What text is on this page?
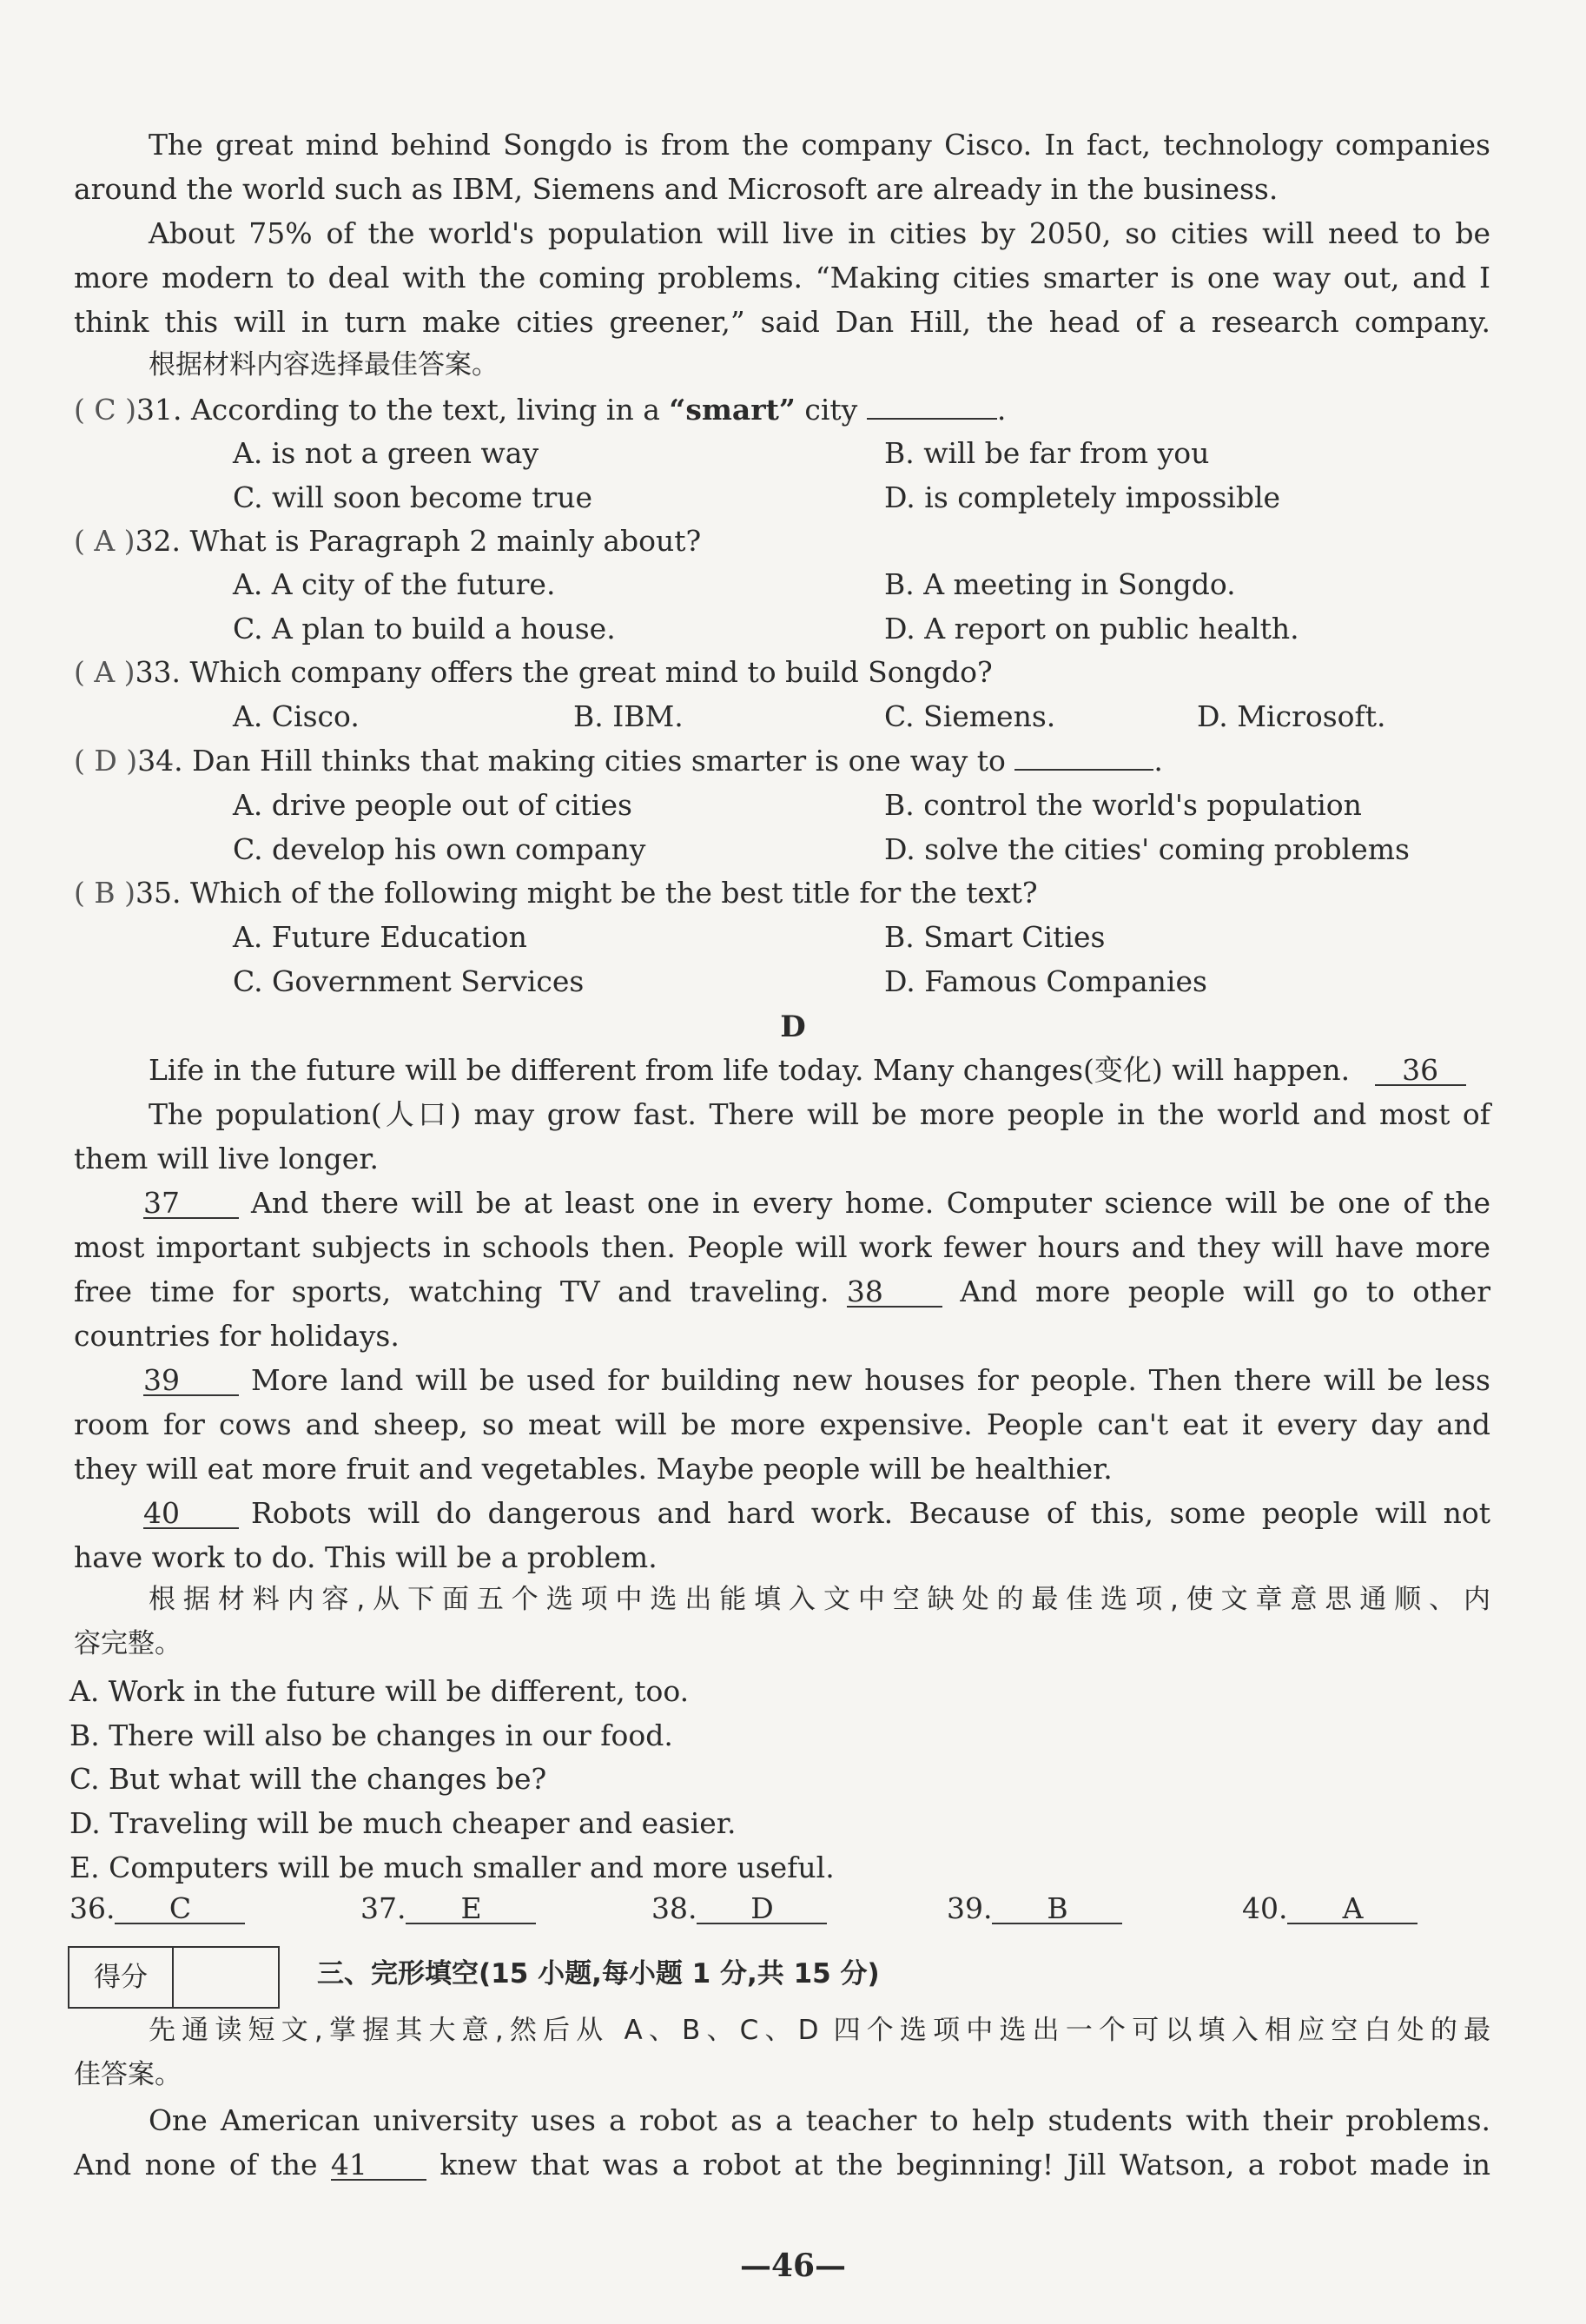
The great mind behind Songdo is from the company Cisco. In fact, technology companies
around the world such as IBM, Siemens and Microsoft are already in the business.
About 75% of the world's population will live in cities by 2050, so cities will need to be
more modern to deal with the coming problems. “Making cities smarter is one way out, and I
think this will in turn make cities greener,” said Dan Hill, the head of a research company.
根据材料内容选择最佳答案。
( C )31. According to the text, living in a “smart” city	.
A. is not a green way	B. will be far from you
C. will soon become true	D. is completely impossible
( A )32. What is Paragraph 2 mainly about?
A. A city of the future.	B. A meeting in Songdo.
C. A plan to build a house.	D. A report on public health.
( A )33. Which company offers the great mind to build Songdo?
A. Cisco.	B. IBM.	C. Siemens.	D. Microsoft.
( D )34. Dan Hill thinks that making cities smarter is one way to	.
A. drive people out of cities	B. control the world's population
C. develop his own company	D. solve the cities' coming problems
( B )35. Which of the following might be the best title for the text?
A. Future Education	B. Smart Cities
C. Government Services	D. Famous Companies
D
Life in the future will be different from life today. Many changes(变化) will happen. 36
The population(人口) may grow fast. There will be more people in the world and most of
them will live longer.
37 And there will be at least one in every home. Computer science will be one of the
most important subjects in schools then. People will work fewer hours and they will have more
free time for sports, watching TV and traveling. 38	And more people will go to other
countries for holidays.
39 More land will be used for building new houses for people. Then there will be less
room for cows and sheep, so meat will be more expensive. People can't eat it every day and
they will eat more fruit and vegetables. Maybe people will be healthier.
40 Robots will do dangerous and hard work. Because of this, some people will not
have work to do. This will be a problem.
根据材料内容,从下面五个选项中选出能填入文中空缺处的最佳选项,使文章意思通顺、内
容完整。
A. Work in the future will be different, too.
B. There will also be changes in our food.
C. But what will the changes be?
D. Traveling will be much cheaper and easier.
E. Computers will be much smaller and more useful.
36. C	37. E	38. D	39. B	40. A
得分	三、完形填空(15 小题,每小题 1 分,共 15 分)
先通读短文,掌握其大意,然后从 A、B、C、D 四个选项中选出一个可以填入相应空白处的最
佳答案。
One American university uses a robot as a teacher to help students with their problems.
And none of the 41	knew that was a robot at the beginning! Jill Watson, a robot made in
—46—
